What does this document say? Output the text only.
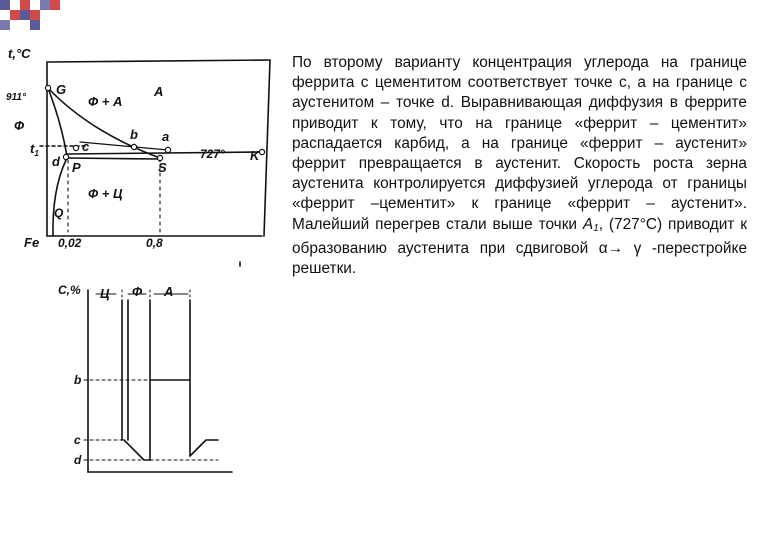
t,°C
911°
G
Ф + А
A
Ф
b a
727° K
$t_1$	c
d P	S
Ф + Ц
Q
Fe 0,02	0,8
C,% Ц Ф А
b
c
d

По второму варианту концентрация углерода на границе феррита с цементитом соответствует точке с, а на границе с аустенитом – точке d. Выравнивающая диффузия в феррите приводит к тому, что на границе «феррит – цементит» распадается карбид, а на границе «феррит – аустенит» феррит превращается в аустенит. Скорость роста зерна аустенита контролируется диффузией углерода от границы «феррит –цементит» к границе «феррит – аустенит». Малейший перегрев стали выше точки $А_1$, (727°С) приводит к образованию аустенита при сдвиговой α→ γ -перестройке решетки.
